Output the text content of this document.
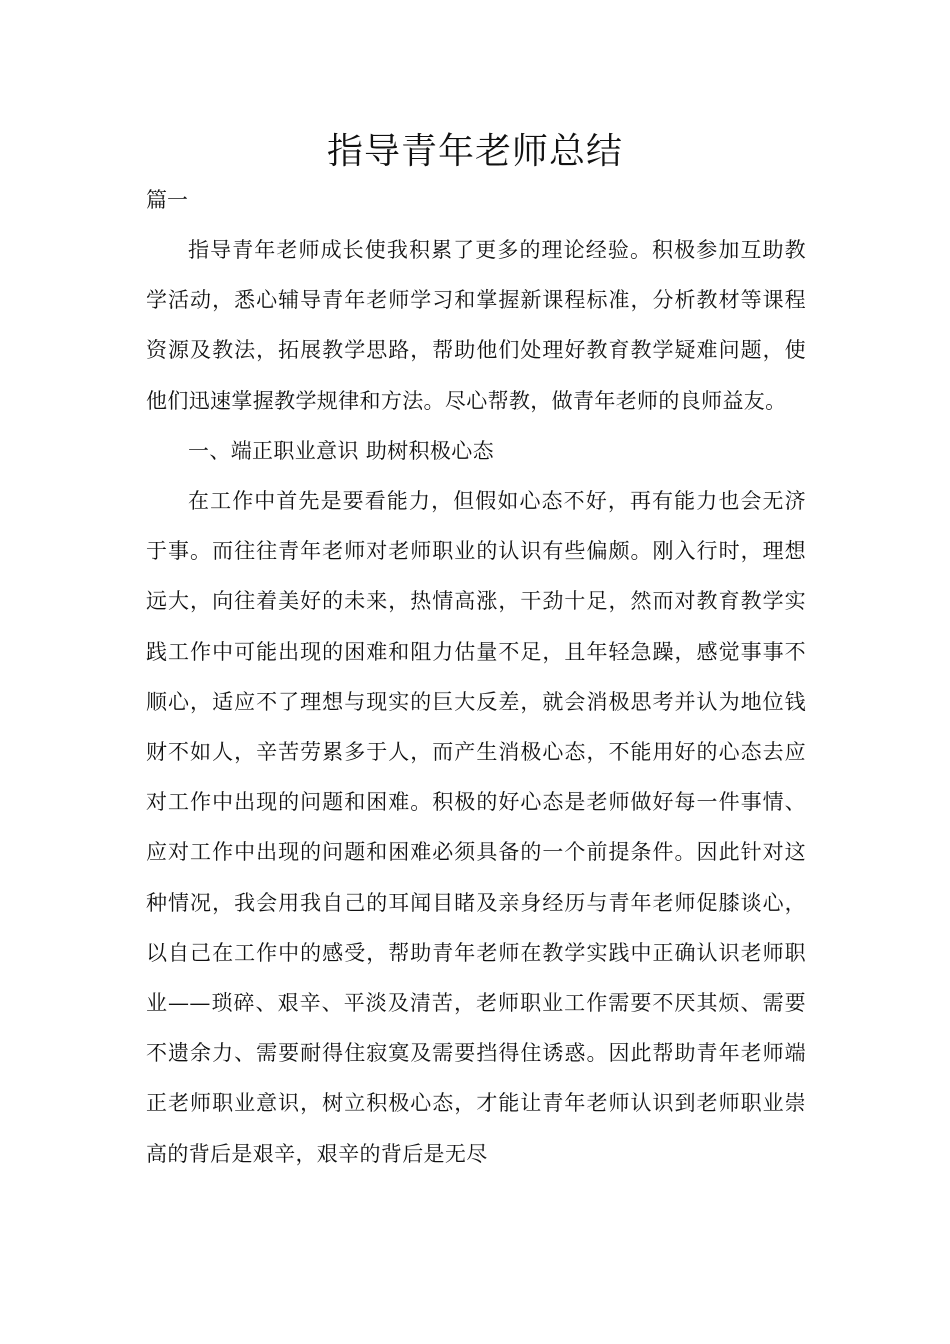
指导青年老师总结
篇一

指导青年老师成长使我积累了更多的理论经验。积极参加互助教学活动，悉心辅导青年老师学习和掌握新课程标准，分析教材等课程资源及教法，拓展教学思路，帮助他们处理好教育教学疑难问题，使他们迅速掌握教学规律和方法。尽心帮教，做青年老师的良师益友。

一、端正职业意识 助树积极心态

在工作中首先是要看能力，但假如心态不好，再有能力也会无济于事。而往往青年老师对老师职业的认识有些偏颇。刚入行时，理想远大，向往着美好的未来，热情高涨，干劲十足，然而对教育教学实践工作中可能出现的困难和阻力估量不足，且年轻急躁，感觉事事不顺心，适应不了理想与现实的巨大反差，就会消极思考并认为地位钱财不如人，辛苦劳累多于人，而产生消极心态，不能用好的心态去应对工作中出现的问题和困难。积极的好心态是老师做好每一件事情、应对工作中出现的问题和困难必须具备的一个前提条件。因此针对这种情况，我会用我自己的耳闻目睹及亲身经历与青年老师促膝谈心，以自己在工作中的感受，帮助青年老师在教学实践中正确认识老师职业——琐碎、艰辛、平淡及清苦，老师职业工作需要不厌其烦、需要不遗余力、需要耐得住寂寞及需要挡得住诱惑。因此帮助青年老师端正老师职业意识，树立积极心态，才能让青年老师认识到老师职业崇高的背后是艰辛，艰辛的背后是无尽
